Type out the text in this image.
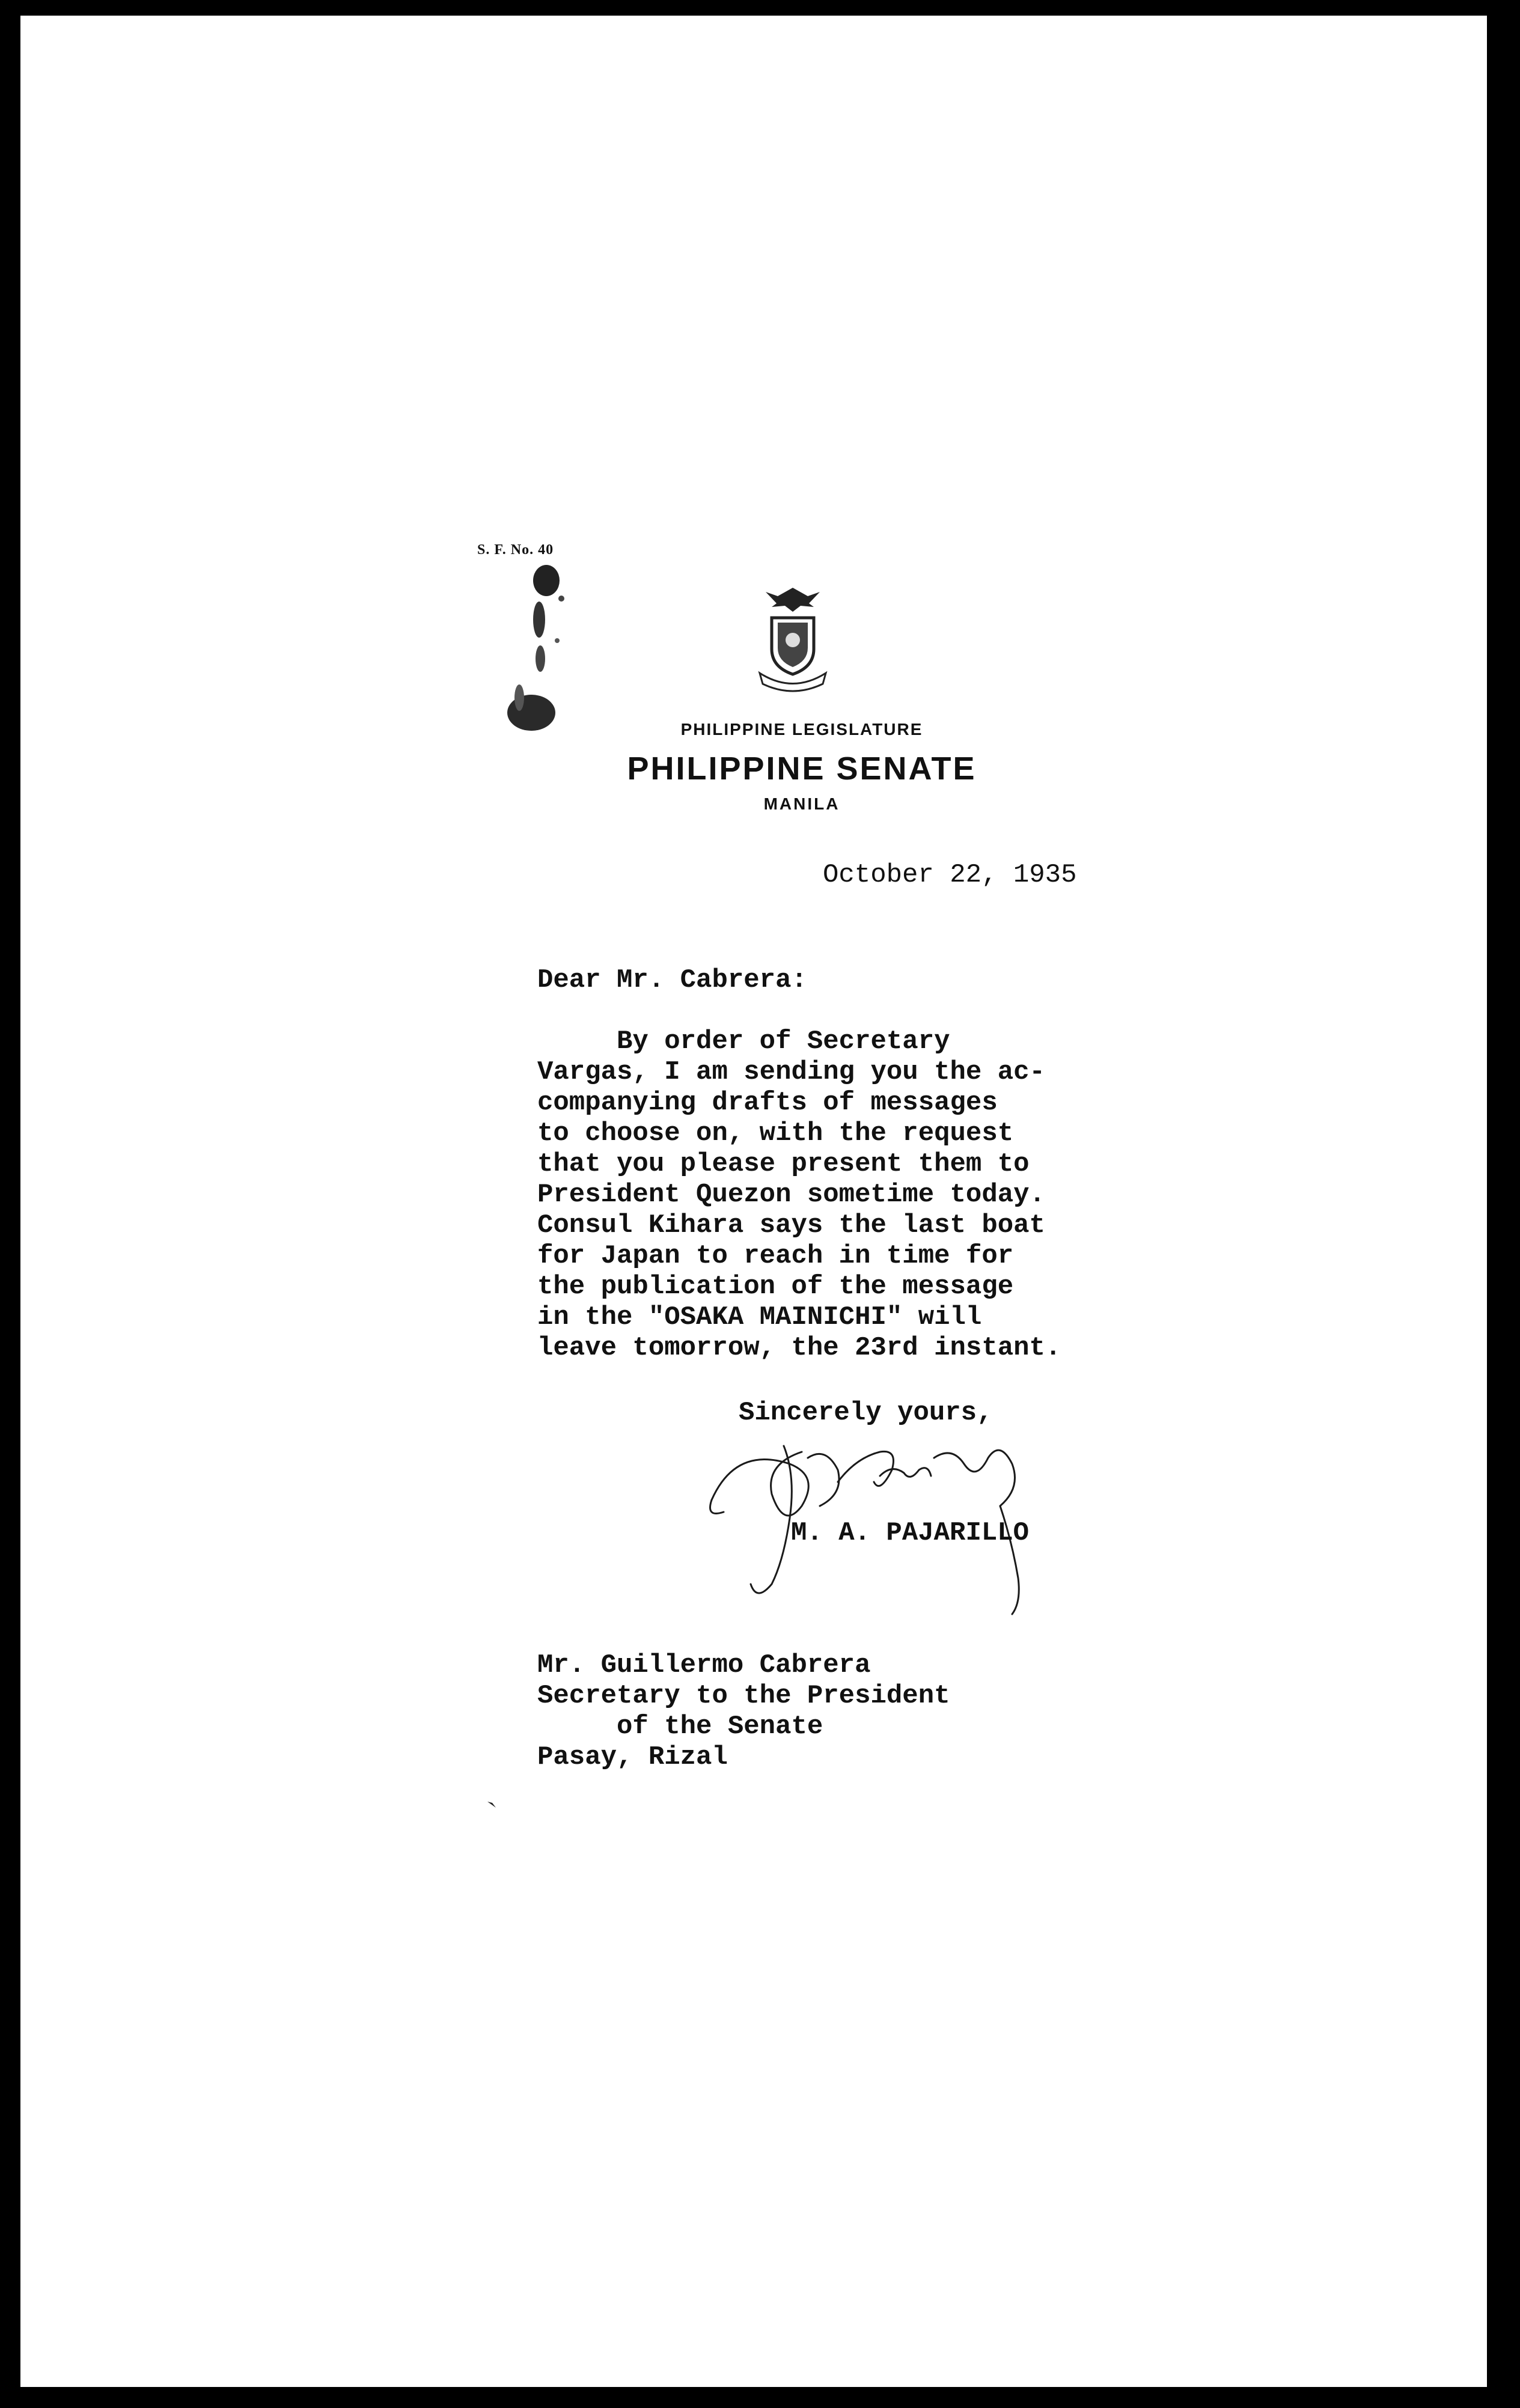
S. F. No. 40
PHILIPPINE LEGISLATURE
PHILIPPINE SENATE
MANILA
October 22, 1935
Dear Mr. Cabrera:
By order of Secretary
Vargas, I am sending you the ac-
companying drafts of messages
to choose on, with the request
that you please present them to
President Quezon sometime today.
Consul Kihara says the last boat
for Japan to reach in time for
the publication of the message
in the "OSAKA MAINICHI" will
leave tomorrow, the 23rd instant.
Sincerely yours,
M. A. PAJARILLO
Mr. Guillermo Cabrera
Secretary to the President
of the Senate
Pasay, Rizal
